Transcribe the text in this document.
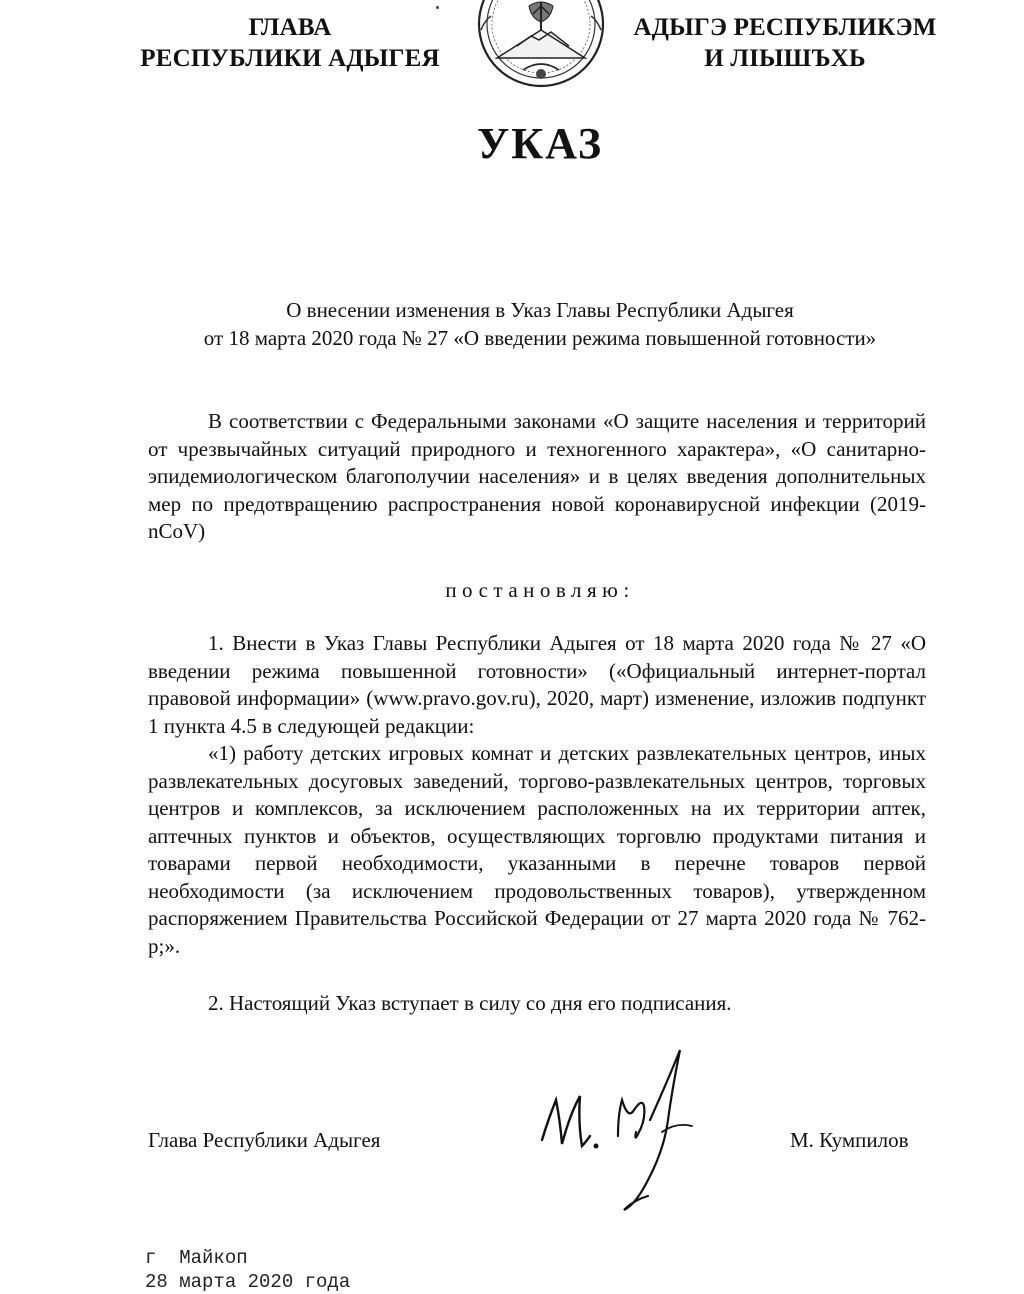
ГЛАВА
РЕСПУБЛИКИ АДЫГЕЯ
АДЫГЭ РЕСПУБЛИКЭМ
И ЛІЫШЪХЬ
УКАЗ
О внесении изменения в Указ Главы Республики Адыгея
от 18 марта 2020 года № 27 «О введении режима повышенной готовности»
В соответствии с Федеральными законами «О защите населения и территорий от чрезвычайных ситуаций природного и техногенного характера», «О санитарно-эпидемиологическом благополучии населения» и в целях введения дополнительных мер по предотвращению распространения новой коронавирусной инфекции (2019-nCoV)
постановляю:

1. Внести в Указ Главы Республики Адыгея от 18 марта 2020 года № 27 «О введении режима повышенной готовности» («Официальный интернет-портал правовой информации» (www.pravo.gov.ru), 2020, март) изменение, изложив подпункт 1 пункта 4.5 в следующей редакции:

«1) работу детских игровых комнат и детских развлекательных центров, иных развлекательных досуговых заведений, торгово-развлекательных центров, торговых центров и комплексов, за исключением расположенных на их территории аптек, аптечных пунктов и объектов, осуществляющих торговлю продуктами питания и товарами первой необходимости, указанными в перечне товаров первой необходимости (за исключением продовольственных товаров), утвержденном распоряжением Правительства Российской Федерации от 27 марта 2020 года № 762-р;».

2. Настоящий Указ вступает в силу со дня его подписания.
Глава Республики Адыгея	М. Кумпилов
г  Майкоп
28 марта 2020 года
